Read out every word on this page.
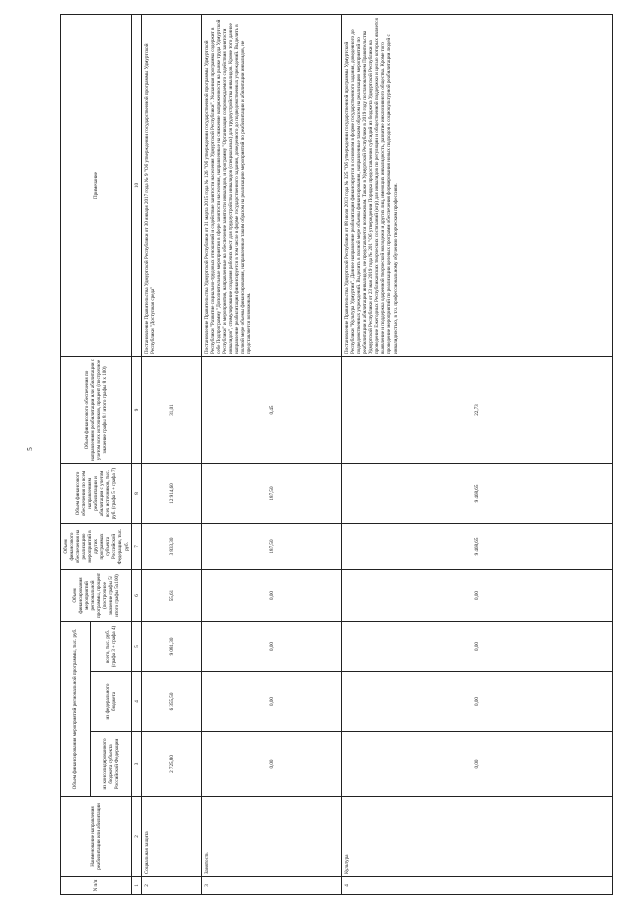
5
N п/п	Наименование направления реабилитации или абилитации	Объем финансирования мероприятий региональной программы, тыс. руб.			Объем финансирования мероприятий региональной программы, процент (построчное значение графы 5/итого графы 5х100)	Объем финансового обеспечения на реализацию мероприятий в других программах субъекта Российской Федерации, тыс. руб.	Объем финансового обеспечения по всем направлениям реабилитации и абилитации с учетом всех источников, тыс. руб. (графа 5 + графа 7)	Объем финансового обеспечения по направлениям реабилитации или абилитации с учетом всех источников, процент (построчное значение графы 8 / итого графы 8 х 100)	Примечание
		из консолидированного бюджета субъекта Российской Федерации	из федерального бюджета	всего, тыс. руб. (графа 3 + графа 4)					
1	2	3	4	5	6	7	8	9	10
2	Социальная защита	2 725,80	6 355,50	9 081,30	55,61	3 833,30	12 914,60	31,01	Постановление Правительства Удмуртской Республики от 30 января 2017 года № 9 "Об утверждении государственной программы Удмуртской Республики "Доступная среда"
3	Занятость	0,00	0,00	0,00	0,00	187,50	187,50	0,45	Постановление Правительства Удмуртской Республики от 31 марта 2015 года № 126 "Об утверждении государственной программы Удмуртской Республики "Развитие социально-трудовых отношений и содействие занятости населения Удмуртской Республики". Указанная программа содержит в себе Подпрограмму "Дополнительные мероприятия в сфере занятости населения, направленные на снижение напряженности на рынке труда Удмуртской Республики" и мероприятия, направленные на обеспечение занятости инвалидов, и программу "Организация сопровождаемого содействия занятости инвалидов", стимулирование создания рабочих мест для трудоустройства инвалидов (специальных) для трудоустройства инвалидов. Кроме того данное направление реабилитации финансируется в том числе в форме государственного задания, доведенного до подведомственных учреждений. Выделить в полной мере объемы финансирования, направленные таким образом на реализацию мероприятий по реабилитации и абилитации инвалидов, не представляется возможным.
4	Культура	0,00	0,00	0,00	0,00	9 468,65	9 468,65	22,73	Постановление Правительства Удмуртской Республики от 08 июля 2013 года № 325 "Об утверждении государственной программы Удмуртской Республики "Культура Удмуртии". Данное направление реабилитации финансируется в основном в форме государственного задания, доведенного до подведомственных учреждений. Выделить в полной мере объемы финансирования, направленные таким образом на реализацию мероприятий по реабилитации и абилитации инвалидов, не представляется возможным. Также в Удмуртской Республике в 2019 году постановлением Правительства Удмуртской Республики от 23 мая 2019 года № 201 "Об утверждении Порядка предоставления субсидий из бюджета Удмуртской Республики на проведение Ежегодных Республиканских творческих состязаний (игр) для инвалидов по регуляции и общественной поддержки и целью которых является выявление и поддержка одаренной творческой молодежи и других лиц, имеющих инвалидность, развитие инклюзивного общества. Кроме того проведение мероприятий по реализации целевых программ обеспечения формирования новых подходов к социокультурной реабилитации людей с инвалидностью, в т.ч. профессиональному обучению творческим профессиям.
